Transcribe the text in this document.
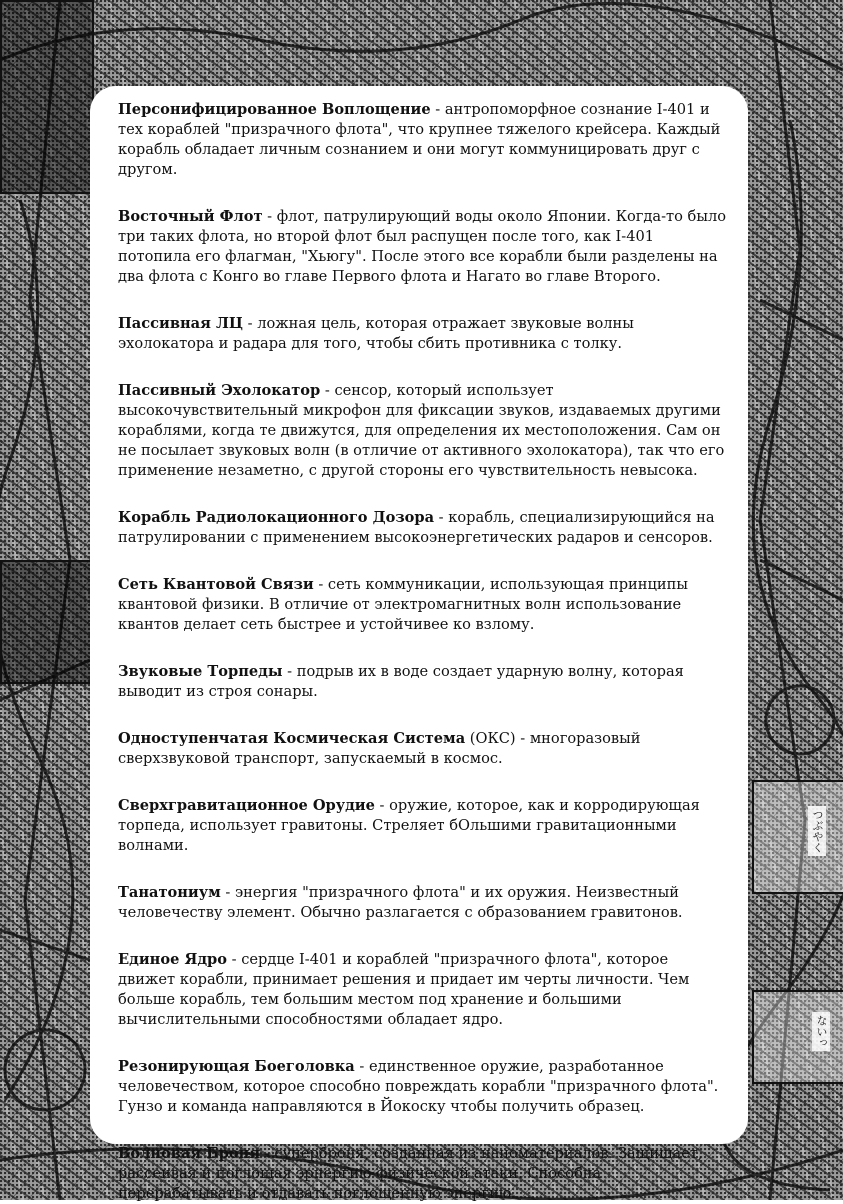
つぶやく
ないっ

Персонифицированное Воплощение - антропоморфное сознание I-401 и тех кораблей "призрачного флота", что крупнее тяжелого крейсера. Каждый корабль обладает личным сознанием и они могут коммуницировать друг с другом.

Восточный Флот - флот, патрулирующий воды около Японии. Когда-то было три таких флота, но второй флот был распущен после того, как I-401 потопила его флагман, "Хьюгу". После этого все корабли были разделены на два флота с Конго во главе Первого флота и Нагато во главе Второго.

Пассивная ЛЦ - ложная цель, которая отражает звуковые волны эхолокатора и радара для того, чтобы сбить противника с толку.

Пассивный Эхолокатор - сенсор, который использует высокочувствительный микрофон для фиксации звуков, издаваемых другими кораблями, когда те движутся, для определения их местоположения. Сам он не посылает звуковых волн (в отличие от активного эхолокатора), так что его применение незаметно, с другой стороны его чувствительность невысока.

Корабль Радиолокационного Дозора - корабль, специализирующийся на патрулировании с применением высокоэнергетических радаров и сенсоров.

Сеть Квантовой Связи - сеть коммуникации, использующая принципы квантовой физики. В отличие от электромагнитных волн использование квантов делает сеть быстрее и устойчивее ко взлому.

Звуковые Торпеды - подрыв их в воде создает ударную волну, которая выводит из строя сонары.

Одноступенчатая Космическая Система (ОКС) - многоразовый сверхзвуковой транспорт, запускаемый в космос.

Сверхгравитационное Орудие - оружие, которое, как и корродирующая торпеда, использует гравитоны. Стреляет бОльшими гравитационными волнами.

Танатониум - энергия "призрачного флота" и их оружия. Неизвестный человечеству элемент. Обычно разлагается с образованием гравитонов.

Единое Ядро - сердце I-401 и кораблей "призрачного флота", которое движет корабли, принимает решения и придает им черты личности. Чем больше корабль, тем большим местом под хранение и большими вычислительными способностями обладает ядро.

Резонирующая Боеголовка - единственное оружие, разработанное человечеством, которое способно повреждать корабли "призрачного флота". Гунзо и команда направляются в Йокоску чтобы получить образец.

Волновая Броня - суперброня, созданная из наноматериалов. Защищает, рассеивая и поглощая эрнергию физической атаки. Способна перерабатывать и отдавать поглощенную энергию.
